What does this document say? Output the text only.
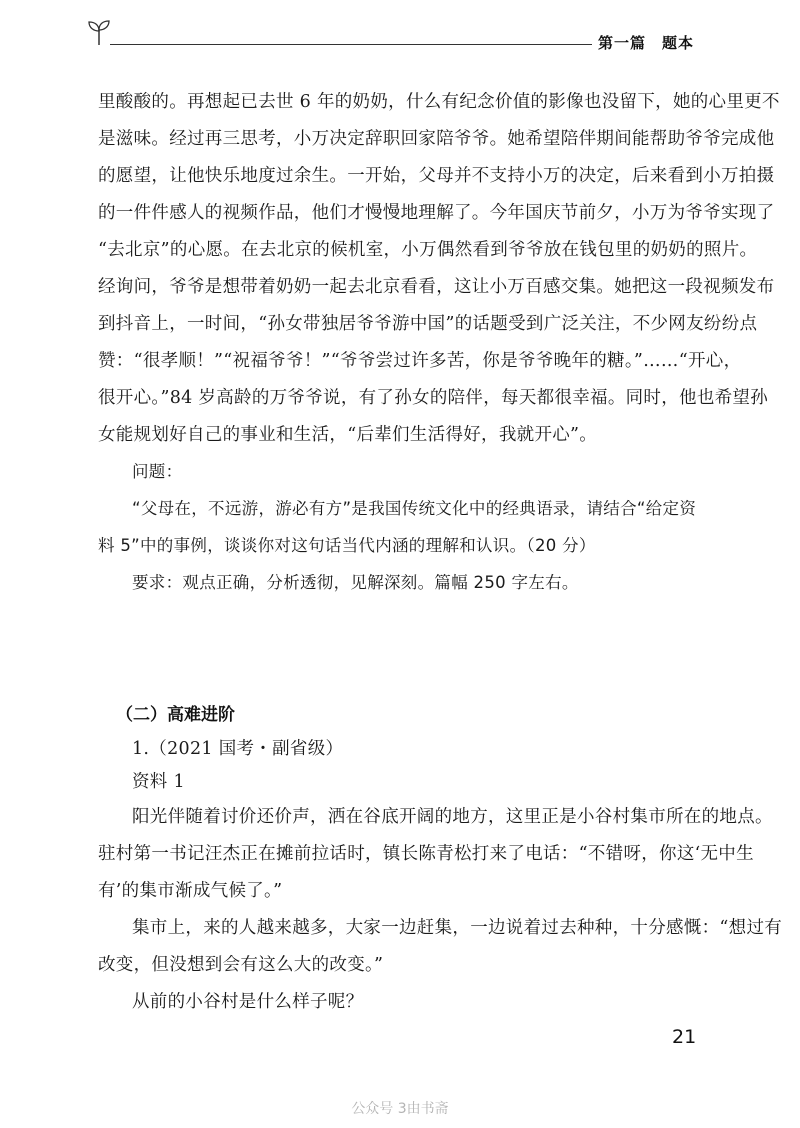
第一篇　题本
里酸酸的。再想起已去世 6 年的奶奶，什么有纪念价值的影像也没留下，她的心里更不
是滋味。经过再三思考，小万决定辞职回家陪爷爷。她希望陪伴期间能帮助爷爷完成他
的愿望，让他快乐地度过余生。一开始，父母并不支持小万的决定，后来看到小万拍摄
的一件件感人的视频作品，他们才慢慢地理解了。今年国庆节前夕，小万为爷爷实现了
“去北京”的心愿。在去北京的候机室，小万偶然看到爷爷放在钱包里的奶奶的照片。
经询问，爷爷是想带着奶奶一起去北京看看，这让小万百感交集。她把这一段视频发布
到抖音上，一时间，“孙女带独居爷爷游中国”的话题受到广泛关注，不少网友纷纷点
赞：“很孝顺！”“祝福爷爷！”“爷爷尝过许多苦，你是爷爷晚年的糖。”……“开心，
很开心。”84 岁高龄的万爷爷说，有了孙女的陪伴，每天都很幸福。同时，他也希望孙
女能规划好自己的事业和生活，“后辈们生活得好，我就开心”。
问题：
“父母在，不远游，游必有方”是我国传统文化中的经典语录，请结合“给定资
料 5”中的事例，谈谈你对这句话当代内涵的理解和认识。（20 分）
要求：观点正确，分析透彻，见解深刻。篇幅 250 字左右。
（二）高难进阶
1.（2021 国考・副省级）
资料 1
阳光伴随着讨价还价声，洒在谷底开阔的地方，这里正是小谷村集市所在的地点。
驻村第一书记汪杰正在摊前拉话时，镇长陈青松打来了电话：“不错呀，你这‘无中生
有’的集市渐成气候了。”
集市上，来的人越来越多，大家一边赶集，一边说着过去种种，十分感慨：“想过有
改变，但没想到会有这么大的改变。”
从前的小谷村是什么样子呢？
21
公众号 3由书斋
